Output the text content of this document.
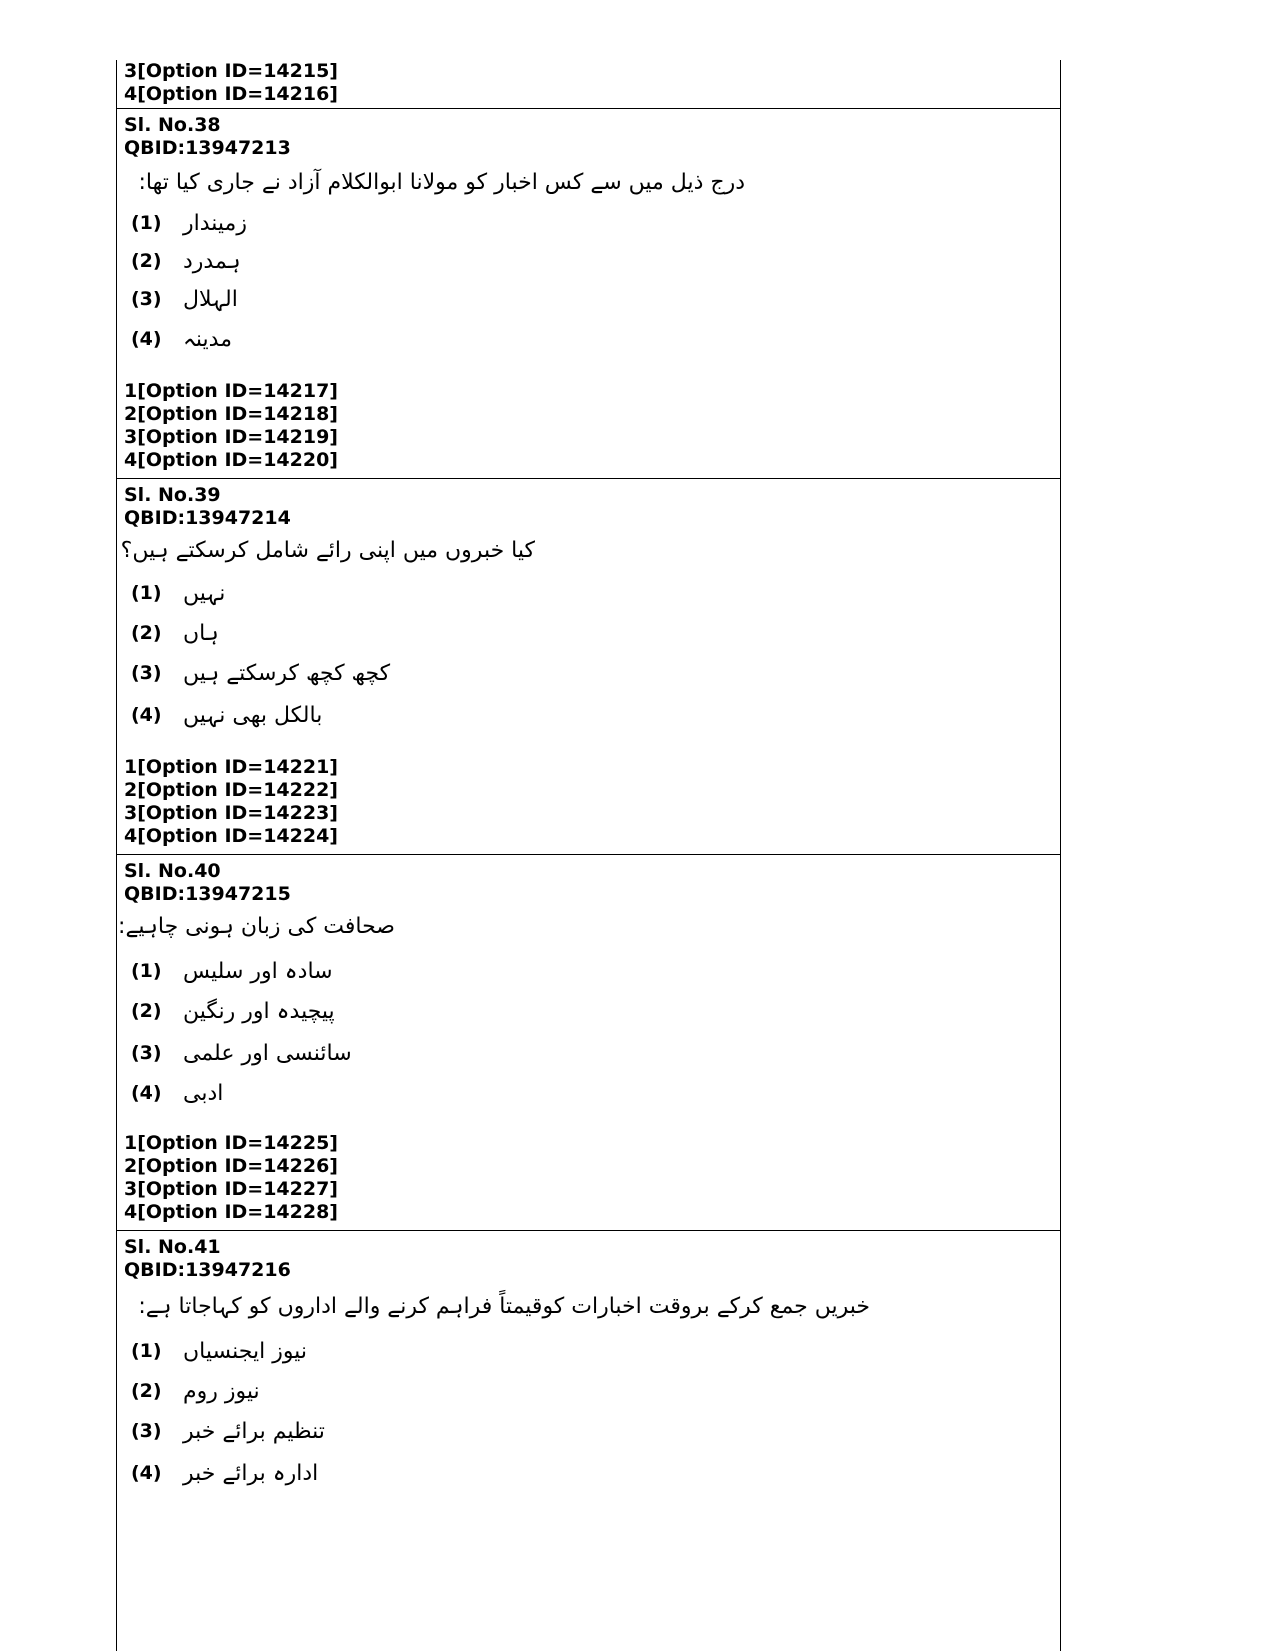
3[Option ID=14215]
4[Option ID=14216]
Sl. No.38
QBID:13947213
درج ذیل میں سے کس اخبار کو مولانا ابوالکلام آزاد نے جاری کیا تھا:
(1) زمیندار
(2) ہمدرد
(3) الہلال
(4) مدینہ
1[Option ID=14217]
2[Option ID=14218]
3[Option ID=14219]
4[Option ID=14220]
Sl. No.39
QBID:13947214
کیا خبروں میں اپنی رائے شامل کرسکتے ہیں؟
(1) نہیں
(2) ہاں
(3) کچھ کچھ کرسکتے ہیں
(4) بالکل بھی نہیں
1[Option ID=14221]
2[Option ID=14222]
3[Option ID=14223]
4[Option ID=14224]
Sl. No.40
QBID:13947215
صحافت کی زبان ہونی چاہیے:
(1) سادہ اور سلیس
(2) پیچیدہ اور رنگین
(3) سائنسی اور علمی
(4) ادبی
1[Option ID=14225]
2[Option ID=14226]
3[Option ID=14227]
4[Option ID=14228]
Sl. No.41
QBID:13947216
خبریں جمع کرکے بروقت اخبارات کوقیمتاً فراہم کرنے والے اداروں کو کہاجاتا ہے:
(1) نیوز ایجنسیاں
(2) نیوز روم
(3) تنظیم برائے خبر
(4) ادارہ برائے خبر
